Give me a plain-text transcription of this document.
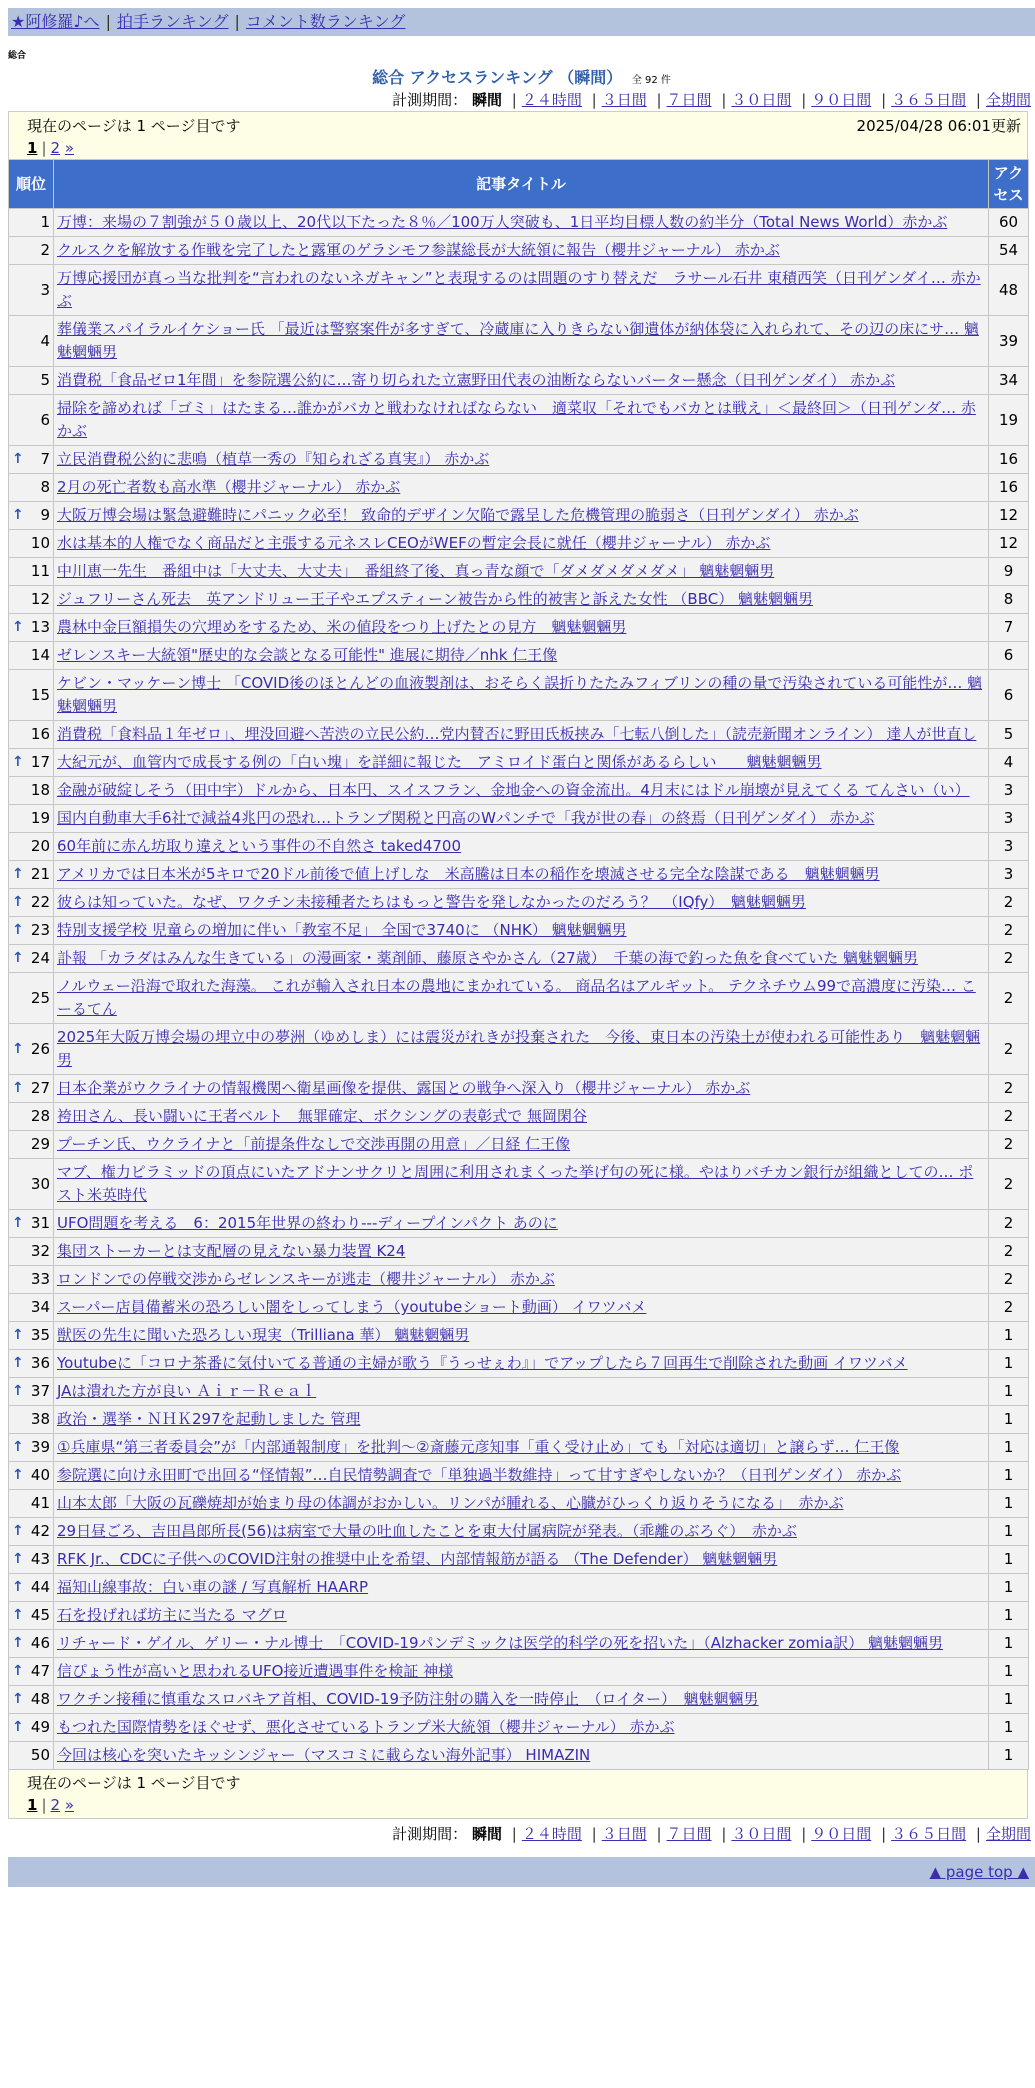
★阿修羅♪へ | 拍手ランキング | コメント数ランキング
総合
総合 アクセスランキング （瞬間） 全 92 件
計測期間： 瞬間 | ２４時間 | ３日間 | ７日間 | ３０日間 | ９０日間 | ３６５日間 | 全期間
現在のページは 1 ページ目です	2025/04/28 06:01更新
1 | 2 »
順位	記事タイトル	アクセス

1	万博：来場の７割強が５０歳以上、20代以下たった８％／100万人突破も、1日平均目標人数の約半分（Total News World）赤かぶ	60

2	クルスクを解放する作戦を完了したと露軍のゲラシモフ参謀総長が大統領に報告（櫻井ジャーナル） 赤かぶ	54

3	万博応援団が真っ当な批判を“言われのないネガキャン”と表現するのは問題のすり替えだ　ラサール石井 東積西笑（日刊ゲンダイ… 赤かぶ	48

4	葬儀業スパイラルイケショー氏 「最近は警察案件が多すぎて、冷蔵庫に入りきらない御遺体が納体袋に入れられて、その辺の床にサ… 魑魅魍魎男	39

5	消費税「食品ゼロ1年間」を参院選公約に…寄り切られた立憲野田代表の油断ならないバーター懸念（日刊ゲンダイ） 赤かぶ	34

6	掃除を諦めれば「ゴミ」はたまる…誰かがバカと戦わなければならない　適菜収「それでもバカとは戦え」＜最終回＞（日刊ゲンダ… 赤かぶ	19

↑ 7	立民消費税公約に悲鳴（植草一秀の『知られざる真実』） 赤かぶ	16

8	2月の死亡者数も高水準（櫻井ジャーナル） 赤かぶ	16

↑ 9	大阪万博会場は緊急避難時にパニック必至！ 致命的デザイン欠陥で露呈した危機管理の脆弱さ（日刊ゲンダイ） 赤かぶ	12

10	水は基本的人権でなく商品だと主張する元ネスレCEOがWEFの暫定会長に就任（櫻井ジャーナル） 赤かぶ	12

11	中川恵一先生　番組中は「大丈夫、大丈夫」　番組終了後、真っ青な顔で「ダメダメダメダメ」 魑魅魍魎男	9

12	ジュフリーさん死去　英アンドリュー王子やエプスティーン被告から性的被害と訴えた女性 （BBC） 魑魅魍魎男	8

↑ 13	農林中金巨額損失の穴埋めをするため、米の値段をつり上げたとの見方　魑魅魍魎男	7

14	ゼレンスキー大統領"歴史的な会談となる可能性" 進展に期待／nhk 仁王像	6

15	ケビン・マッケーン博士 「COVID後のほとんどの血液製剤は、おそらく誤折りたたみフィブリンの種の量で汚染されている可能性が… 魑魅魍魎男	6

16	消費税「食料品１年ゼロ」、埋没回避へ苦渋の立民公約…党内賛否に野田氏板挟み「七転八倒した」（読売新聞オンライン） 達人が世直し	5

↑ 17	大紀元が、血管内で成長する例の「白い塊」を詳細に報じた　アミロイド蛋白と関係があるらしい　　魑魅魍魎男	4

18	金融が破綻しそう（田中宇）ドルから、日本円、スイスフラン、金地金への資金流出。4月末にはドル崩壊が見えてくる てんさい（い）	3

19	国内自動車大手6社で減益4兆円の恐れ…トランプ関税と円高のWパンチで「我が世の春」の終焉（日刊ゲンダイ） 赤かぶ	3

20	60年前に赤ん坊取り違えという事件の不自然さ taked4700	3

↑ 21	アメリカでは日本米が5キロで20ドル前後で値上げしな　米高騰は日本の稲作を壊滅させる完全な陰謀である　魑魅魍魎男	3

↑ 22	彼らは知っていた。なぜ、ワクチン未接種者たちはもっと警告を発しなかったのだろう？　（IQfy）　魑魅魍魎男	2

↑ 23	特別支援学校 児童らの増加に伴い「教室不足」 全国で3740に （NHK） 魑魅魍魎男	2

↑ 24	訃報 「カラダはみんな生きている」の漫画家・薬剤師、藤原さやかさん（27歳）　千葉の海で釣った魚を食べていた 魑魅魍魎男	2

25	ノルウェー沿海で取れた海藻。 これが輸入され日本の農地にまかれている。 商品名はアルギット。 テクネチウム99で高濃度に汚染… こーるてん	2

↑ 26	2025年大阪万博会場の埋立中の夢洲（ゆめしま）には震災がれきが投棄された　今後、東日本の汚染土が使われる可能性あり　魑魅魍魎男	2

↑ 27	日本企業がウクライナの情報機関へ衛星画像を提供、露国との戦争へ深入り（櫻井ジャーナル） 赤かぶ	2

28	袴田さん、長い闘いに王者ベルト　無罪確定、ボクシングの表彰式で 無岡閑谷	2

29	プーチン氏、ウクライナと「前提条件なしで交渉再開の用意」／日経 仁王像	2

30	マブ、権力ピラミッドの頂点にいたアドナンサクリと周囲に利用されまくった挙げ句の死に様。やはりバチカン銀行が組織としての… ポスト米英時代	2

↑ 31	UFO問題を考える　6：2015年世界の終わり---ディープインパクト あのに	2

32	集団ストーカーとは支配層の見えない暴力装置 K24	2

33	ロンドンでの停戦交渉からゼレンスキーが逃走（櫻井ジャーナル） 赤かぶ	2

34	スーパー店員備蓄米の恐ろしい闇をしってしまう（youtubeショート動画） イワツバメ	2

↑ 35	獣医の先生に聞いた恐ろしい現実（Trilliana 華） 魑魅魍魎男	1

↑ 36	Youtubeに「コロナ茶番に気付いてる普通の主婦が歌う『うっせぇわ』」でアップしたら７回再生で削除された動画 イワツバメ	1

↑ 37	JAは潰れた方が良い Ａｉｒ－Ｒｅａｌ	1

38	政治・選挙・ＮＨＫ297を起動しました 管理	1

↑ 39	①兵庫県“第三者委員会”が「内部通報制度」を批判〜②斎藤元彦知事「重く受け止め」ても「対応は適切」と譲らず… 仁王像	1

↑ 40	参院選に向け永田町で出回る“怪情報”…自民情勢調査で「単独過半数維持」って甘すぎやしないか？（日刊ゲンダイ） 赤かぶ	1

41	山本太郎「大阪の瓦礫焼却が始まり母の体調がおかしい。リンパが腫れる、心臓がひっくり返りそうになる」　赤かぶ	1

↑ 42	29日昼ごろ、吉田昌郎所長(56)は病室で大量の吐血したことを東大付属病院が発表。（乖離のぶろぐ）　赤かぶ	1

↑ 43	RFK Jr.、CDCに子供へのCOVID注射の推奨中止を希望、内部情報筋が語る （The Defender） 魑魅魍魎男	1

↑ 44	福知山線事故：白い車の謎 / 写真解析 HAARP	1

↑ 45	石を投げれば坊主に当たる マグロ	1

↑ 46	リチャード・ゲイル、ゲリー・ナル博士　「COVID-19パンデミックは医学的科学の死を招いた」（Alzhacker zomia訳） 魑魅魍魎男	1

↑ 47	信ぴょう性が高いと思われるUFO接近遭遇事件を検証 神様	1

↑ 48	ワクチン接種に慎重なスロバキア首相、COVID-19予防注射の購入を一時停止　（ロイター）　魑魅魍魎男	1

↑ 49	もつれた国際情勢をほぐせず、悪化させているトランプ米大統領（櫻井ジャーナル） 赤かぶ	1

50	今回は核心を突いたキッシンジャー（マスコミに載らない海外記事） HIMAZIN	1
現在のページは 1 ページ目です
1 | 2 »
計測期間： 瞬間 | ２４時間 | ３日間 | ７日間 | ３０日間 | ９０日間 | ３６５日間 | 全期間
▲ page top ▲
